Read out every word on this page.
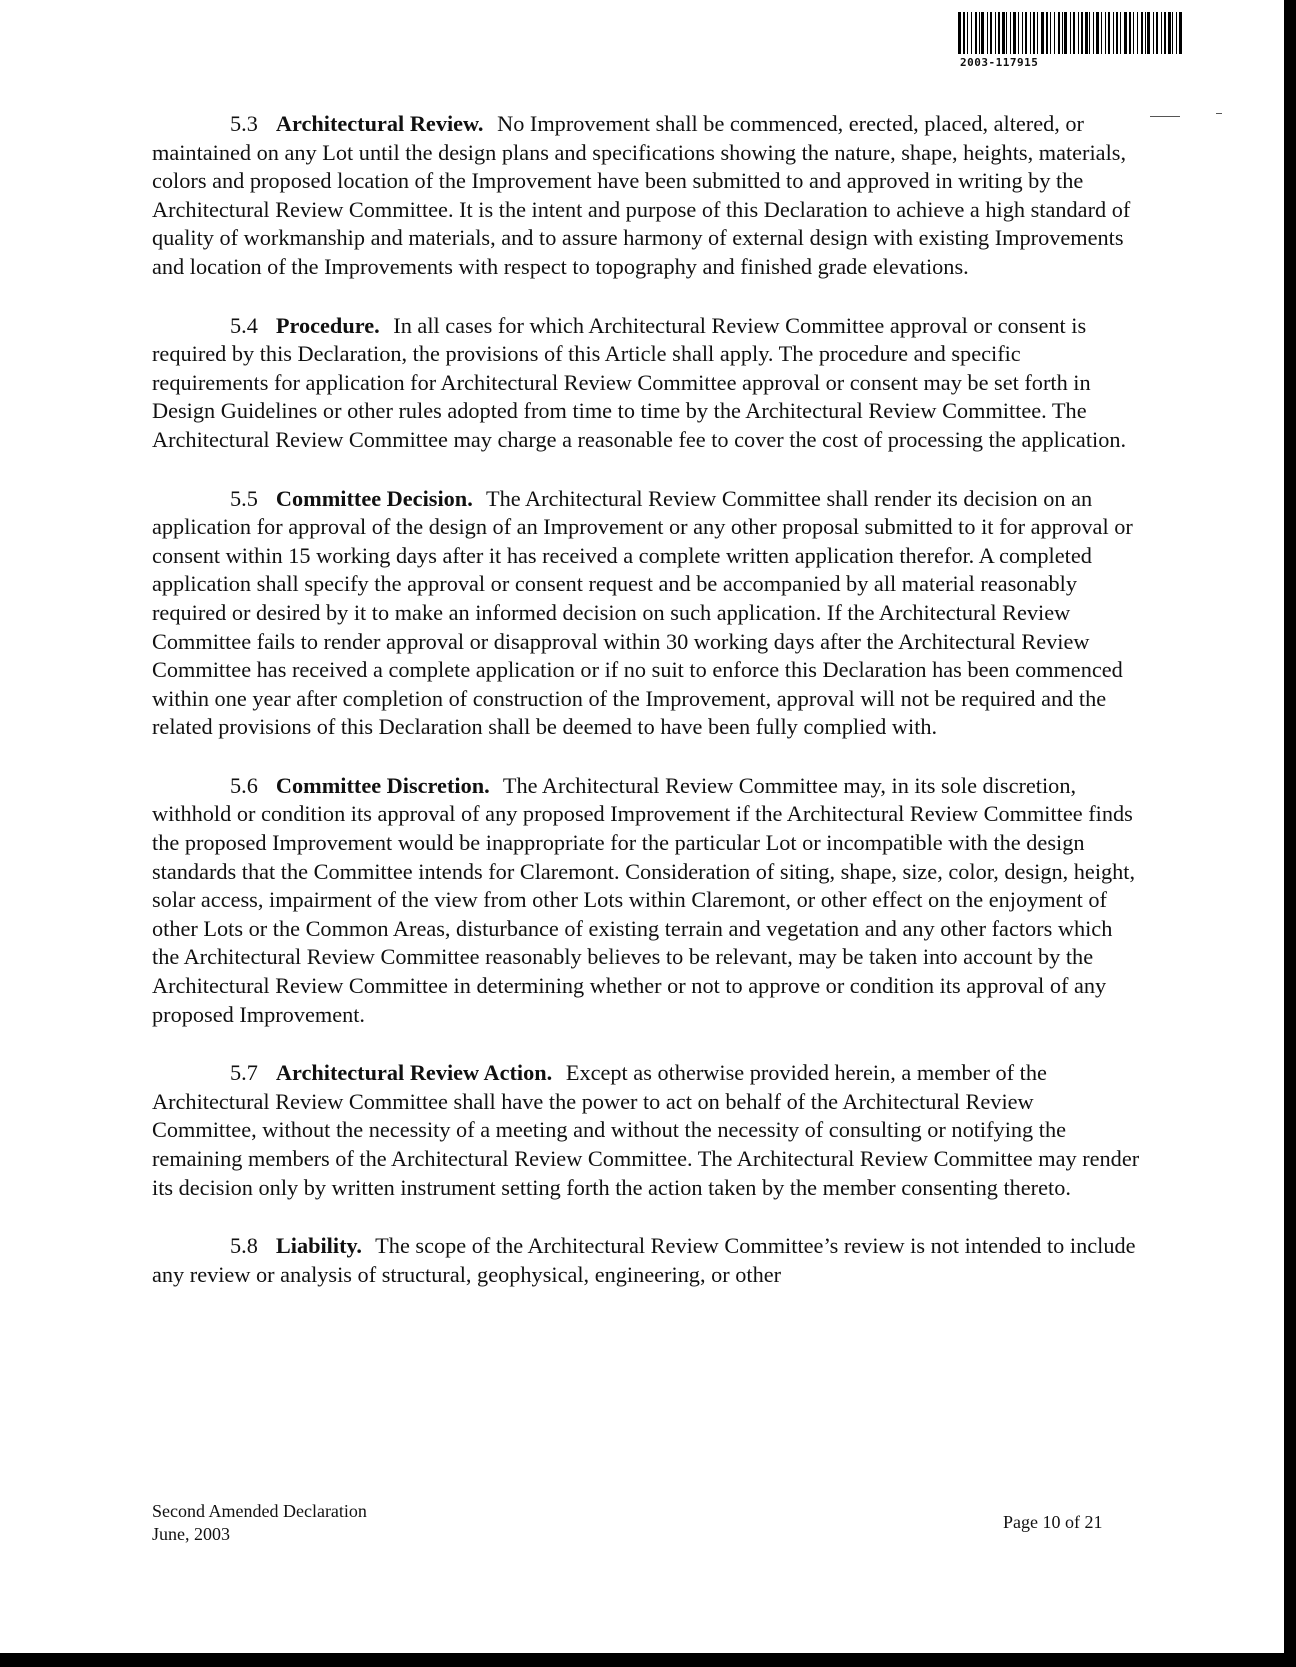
2003-117915

5.3 Architectural Review. No Improvement shall be commenced, erected, placed, altered, or maintained on any Lot until the design plans and specifications showing the nature, shape, heights, materials, colors and proposed location of the Improvement have been submitted to and approved in writing by the Architectural Review Committee. It is the intent and purpose of this Declaration to achieve a high standard of quality of workmanship and materials, and to assure harmony of external design with existing Improvements and location of the Improvements with respect to topography and finished grade elevations.

5.4 Procedure. In all cases for which Architectural Review Committee approval or consent is required by this Declaration, the provisions of this Article shall apply. The procedure and specific requirements for application for Architectural Review Committee approval or consent may be set forth in Design Guidelines or other rules adopted from time to time by the Architectural Review Committee. The Architectural Review Committee may charge a reasonable fee to cover the cost of processing the application.

5.5 Committee Decision. The Architectural Review Committee shall render its decision on an application for approval of the design of an Improvement or any other proposal submitted to it for approval or consent within 15 working days after it has received a complete written application therefor. A completed application shall specify the approval or consent request and be accompanied by all material reasonably required or desired by it to make an informed decision on such application. If the Architectural Review Committee fails to render approval or disapproval within 30 working days after the Architectural Review Committee has received a complete application or if no suit to enforce this Declaration has been commenced within one year after completion of construction of the Improvement, approval will not be required and the related provisions of this Declaration shall be deemed to have been fully complied with.

5.6 Committee Discretion. The Architectural Review Committee may, in its sole discretion, withhold or condition its approval of any proposed Improvement if the Architectural Review Committee finds the proposed Improvement would be inappropriate for the particular Lot or incompatible with the design standards that the Committee intends for Claremont. Consideration of siting, shape, size, color, design, height, solar access, impairment of the view from other Lots within Claremont, or other effect on the enjoyment of other Lots or the Common Areas, disturbance of existing terrain and vegetation and any other factors which the Architectural Review Committee reasonably believes to be relevant, may be taken into account by the Architectural Review Committee in determining whether or not to approve or condition its approval of any proposed Improvement.

5.7 Architectural Review Action. Except as otherwise provided herein, a member of the Architectural Review Committee shall have the power to act on behalf of the Architectural Review Committee, without the necessity of a meeting and without the necessity of consulting or notifying the remaining members of the Architectural Review Committee. The Architectural Review Committee may render its decision only by written instrument setting forth the action taken by the member consenting thereto.

5.8 Liability. The scope of the Architectural Review Committee’s review is not intended to include any review or analysis of structural, geophysical, engineering, or other

Second Amended Declaration
June, 2003
Page 10 of 21
